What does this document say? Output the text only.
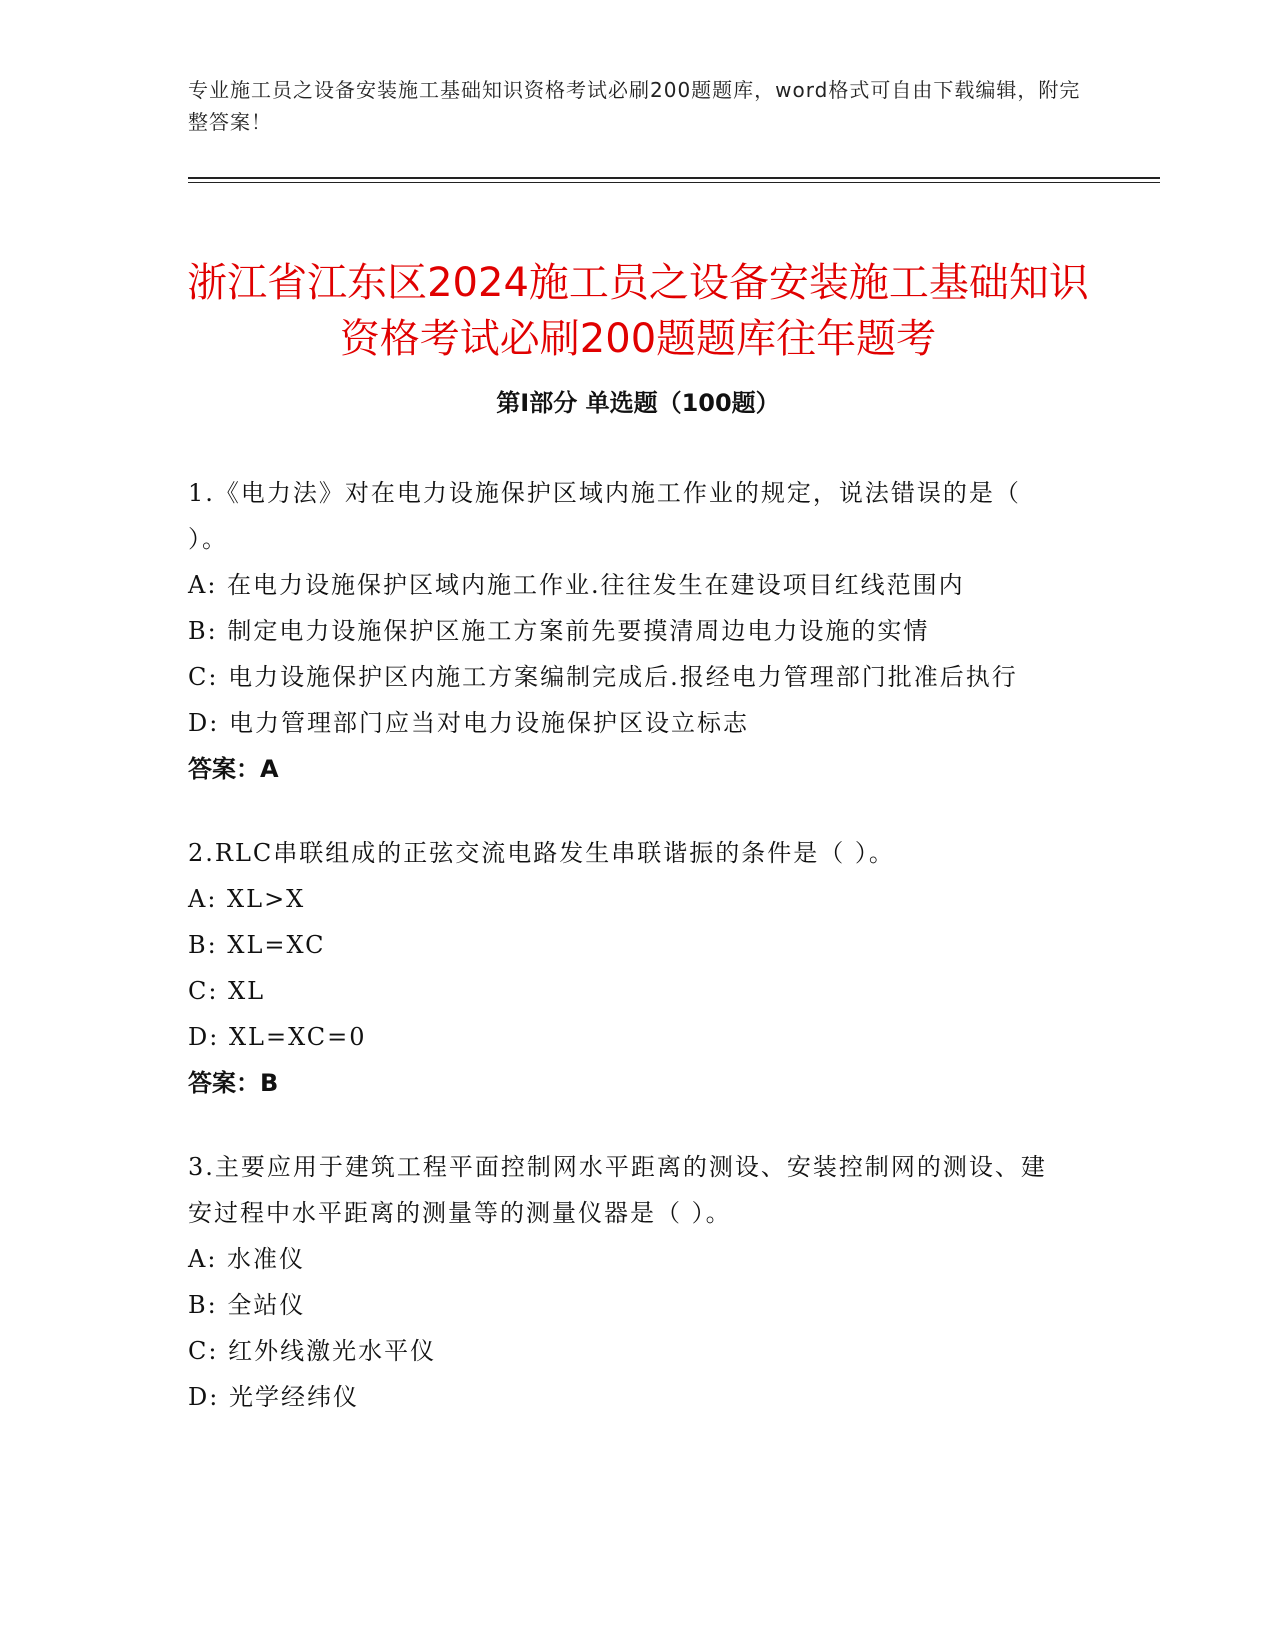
专业施工员之设备安装施工基础知识资格考试必刷200题题库，word格式可自由下载编辑，附完整答案！
浙江省江东区2024施工员之设备安装施工基础知识资格考试必刷200题题库往年题考
第Ⅰ部分 单选题（100题）

1.《电力法》对在电力设施保护区域内施工作业的规定，说法错误的是（ ）。

A: 在电力设施保护区域内施工作业.往往发生在建设项目红线范围内

B: 制定电力设施保护区施工方案前先要摸清周边电力设施的实情

C: 电力设施保护区内施工方案编制完成后.报经电力管理部门批准后执行

D: 电力管理部门应当对电力设施保护区设立标志

答案：A

2.RLC串联组成的正弦交流电路发生串联谐振的条件是（ ）。

A: XL>X

B: XL=XC

C: XL

D: XL=XC=0

答案：B

3.主要应用于建筑工程平面控制网水平距离的测设、安装控制网的测设、建安过程中水平距离的测量等的测量仪器是（ ）。

A: 水准仪

B: 全站仪

C: 红外线激光水平仪

D: 光学经纬仪
